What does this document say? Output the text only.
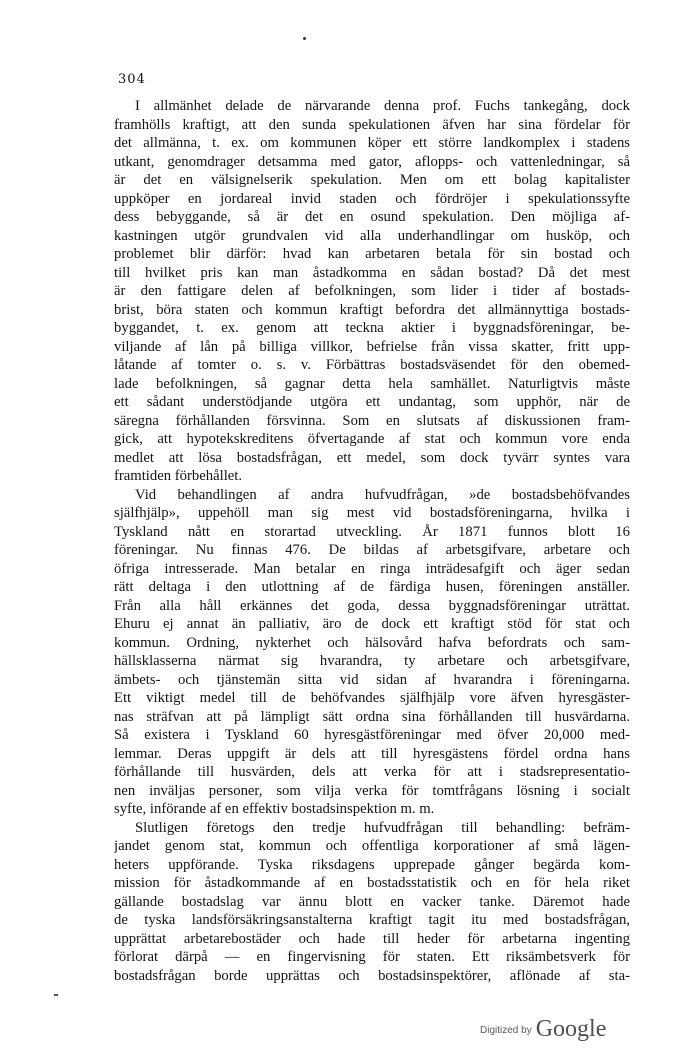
304
I allmänhet delade de närvarande denna prof. Fuchs tankegång, dock
framhölls kraftigt, att den sunda spekulationen äfven har sina fördelar för
det allmänna, t. ex. om kommunen köper ett större landkomplex i stadens
utkant, genomdrager detsamma med gator, aflopps- och vattenledningar, så
är det en välsignelserik spekulation. Men om ett bolag kapitalister
uppköper en jordareal invid staden och fördröjer i spekulationssyfte
dess bebyggande, så är det en osund spekulation. Den möjliga af-
kastningen utgör grundvalen vid alla underhandlingar om husköp, och
problemet blir därför: hvad kan arbetaren betala för sin bostad och
till hvilket pris kan man åstadkomma en sådan bostad? Då det mest
är den fattigare delen af befolkningen, som lider i tider af bostads-
brist, böra staten och kommun kraftigt befordra det allmännyttiga bostads-
byggandet, t. ex. genom att teckna aktier i byggnadsföreningar, be-
viljande af lån på billiga villkor, befrielse från vissa skatter, fritt upp-
låtande af tomter o. s. v. Förbättras bostadsväsendet för den obemed-
lade befolkningen, så gagnar detta hela samhället. Naturligtvis måste
ett sådant understödjande utgöra ett undantag, som upphör, när de
säregna förhållanden försvinna. Som en slutsats af diskussionen fram-
gick, att hypotekskreditens öfvertagande af stat och kommun vore enda
medlet att lösa bostadsfrågan, ett medel, som dock tyvärr syntes vara
framtiden förbehållet.
Vid behandlingen af andra hufvudfrågan, »de bostadsbehöfvandes
själfhjälp», uppehöll man sig mest vid bostadsföreningarna, hvilka i
Tyskland nått en storartad utveckling. År 1871 funnos blott 16
föreningar. Nu finnas 476. De bildas af arbetsgifvare, arbetare och
öfriga intresserade. Man betalar en ringa inträdesafgift och äger sedan
rätt deltaga i den utlottning af de färdiga husen, föreningen anställer.
Från alla håll erkännes det goda, dessa byggnadsföreningar uträttat.
Ehuru ej annat än palliativ, äro de dock ett kraftigt stöd för stat och
kommun. Ordning, nykterhet och hälsovård hafva befordrats och sam-
hällsklasserna närmat sig hvarandra, ty arbetare och arbetsgifvare,
ämbets- och tjänstemän sitta vid sidan af hvarandra i föreningarna.
Ett viktigt medel till de behöfvandes själfhjälp vore äfven hyresgäster-
nas sträfvan att på lämpligt sätt ordna sina förhållanden till husvärdarna.
Så existera i Tyskland 60 hyresgästföreningar med öfver 20,000 med-
lemmar. Deras uppgift är dels att till hyresgästens fördel ordna hans
förhållande till husvärden, dels att verka för att i stadsrepresentatio-
nen inväljas personer, som vilja verka för tomtfrågans lösning i socialt
syfte, införande af en effektiv bostadsinspektion m. m.
Slutligen företogs den tredje hufvudfrågan till behandling: befräm-
jandet genom stat, kommun och offentliga korporationer af små lägen-
heters uppförande. Tyska riksdagens upprepade gånger begärda kom-
mission för åstadkommande af en bostadsstatistik och en för hela riket
gällande bostadslag var ännu blott en vacker tanke. Däremot hade
de tyska landsförsäkringsanstalterna kraftigt tagit itu med bostadsfrågan,
upprättat arbetarebostäder och hade till heder för arbetarna ingenting
förlorat därpå — en fingervisning för staten. Ett riksämbetsverk för
bostadsfrågan borde upprättas och bostadsinspektörer, aflönade af sta-
Digitized by Google
